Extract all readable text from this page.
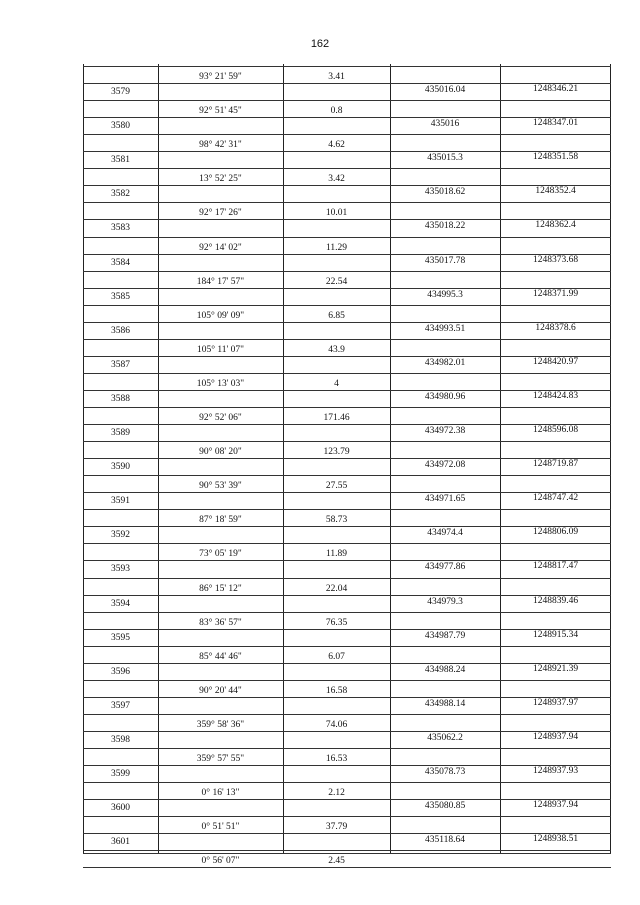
162
93° 21' 59"	3.41
3579	435016.04	1248346.21
92° 51' 45"	0.8
3580	435016	1248347.01
98° 42' 31"	4.62
3581	435015.3	1248351.58
13° 52' 25"	3.42
3582	435018.62	1248352.4
92° 17' 26"	10.01
3583	435018.22	1248362.4
92° 14' 02"	11.29
3584	435017.78	1248373.68
184° 17' 57"	22.54
3585	434995.3	1248371.99
105° 09' 09"	6.85
3586	434993.51	1248378.6
105° 11' 07"	43.9
3587	434982.01	1248420.97
105° 13' 03"	4
3588	434980.96	1248424.83
92° 52' 06"	171.46
3589	434972.38	1248596.08
90° 08' 20"	123.79
3590	434972.08	1248719.87
90° 53' 39"	27.55
3591	434971.65	1248747.42
87° 18' 59"	58.73
3592	434974.4	1248806.09
73° 05' 19"	11.89
3593	434977.86	1248817.47
86° 15' 12"	22.04
3594	434979.3	1248839.46
83° 36' 57"	76.35
3595	434987.79	1248915.34
85° 44' 46"	6.07
3596	434988.24	1248921.39
90° 20' 44"	16.58
3597	434988.14	1248937.97
359° 58' 36"	74.06
3598	435062.2	1248937.94
359° 57' 55"	16.53
3599	435078.73	1248937.93
0° 16' 13"	2.12
3600	435080.85	1248937.94
0° 51' 51"	37.79
3601	435118.64	1248938.51
0° 56' 07"	2.45
